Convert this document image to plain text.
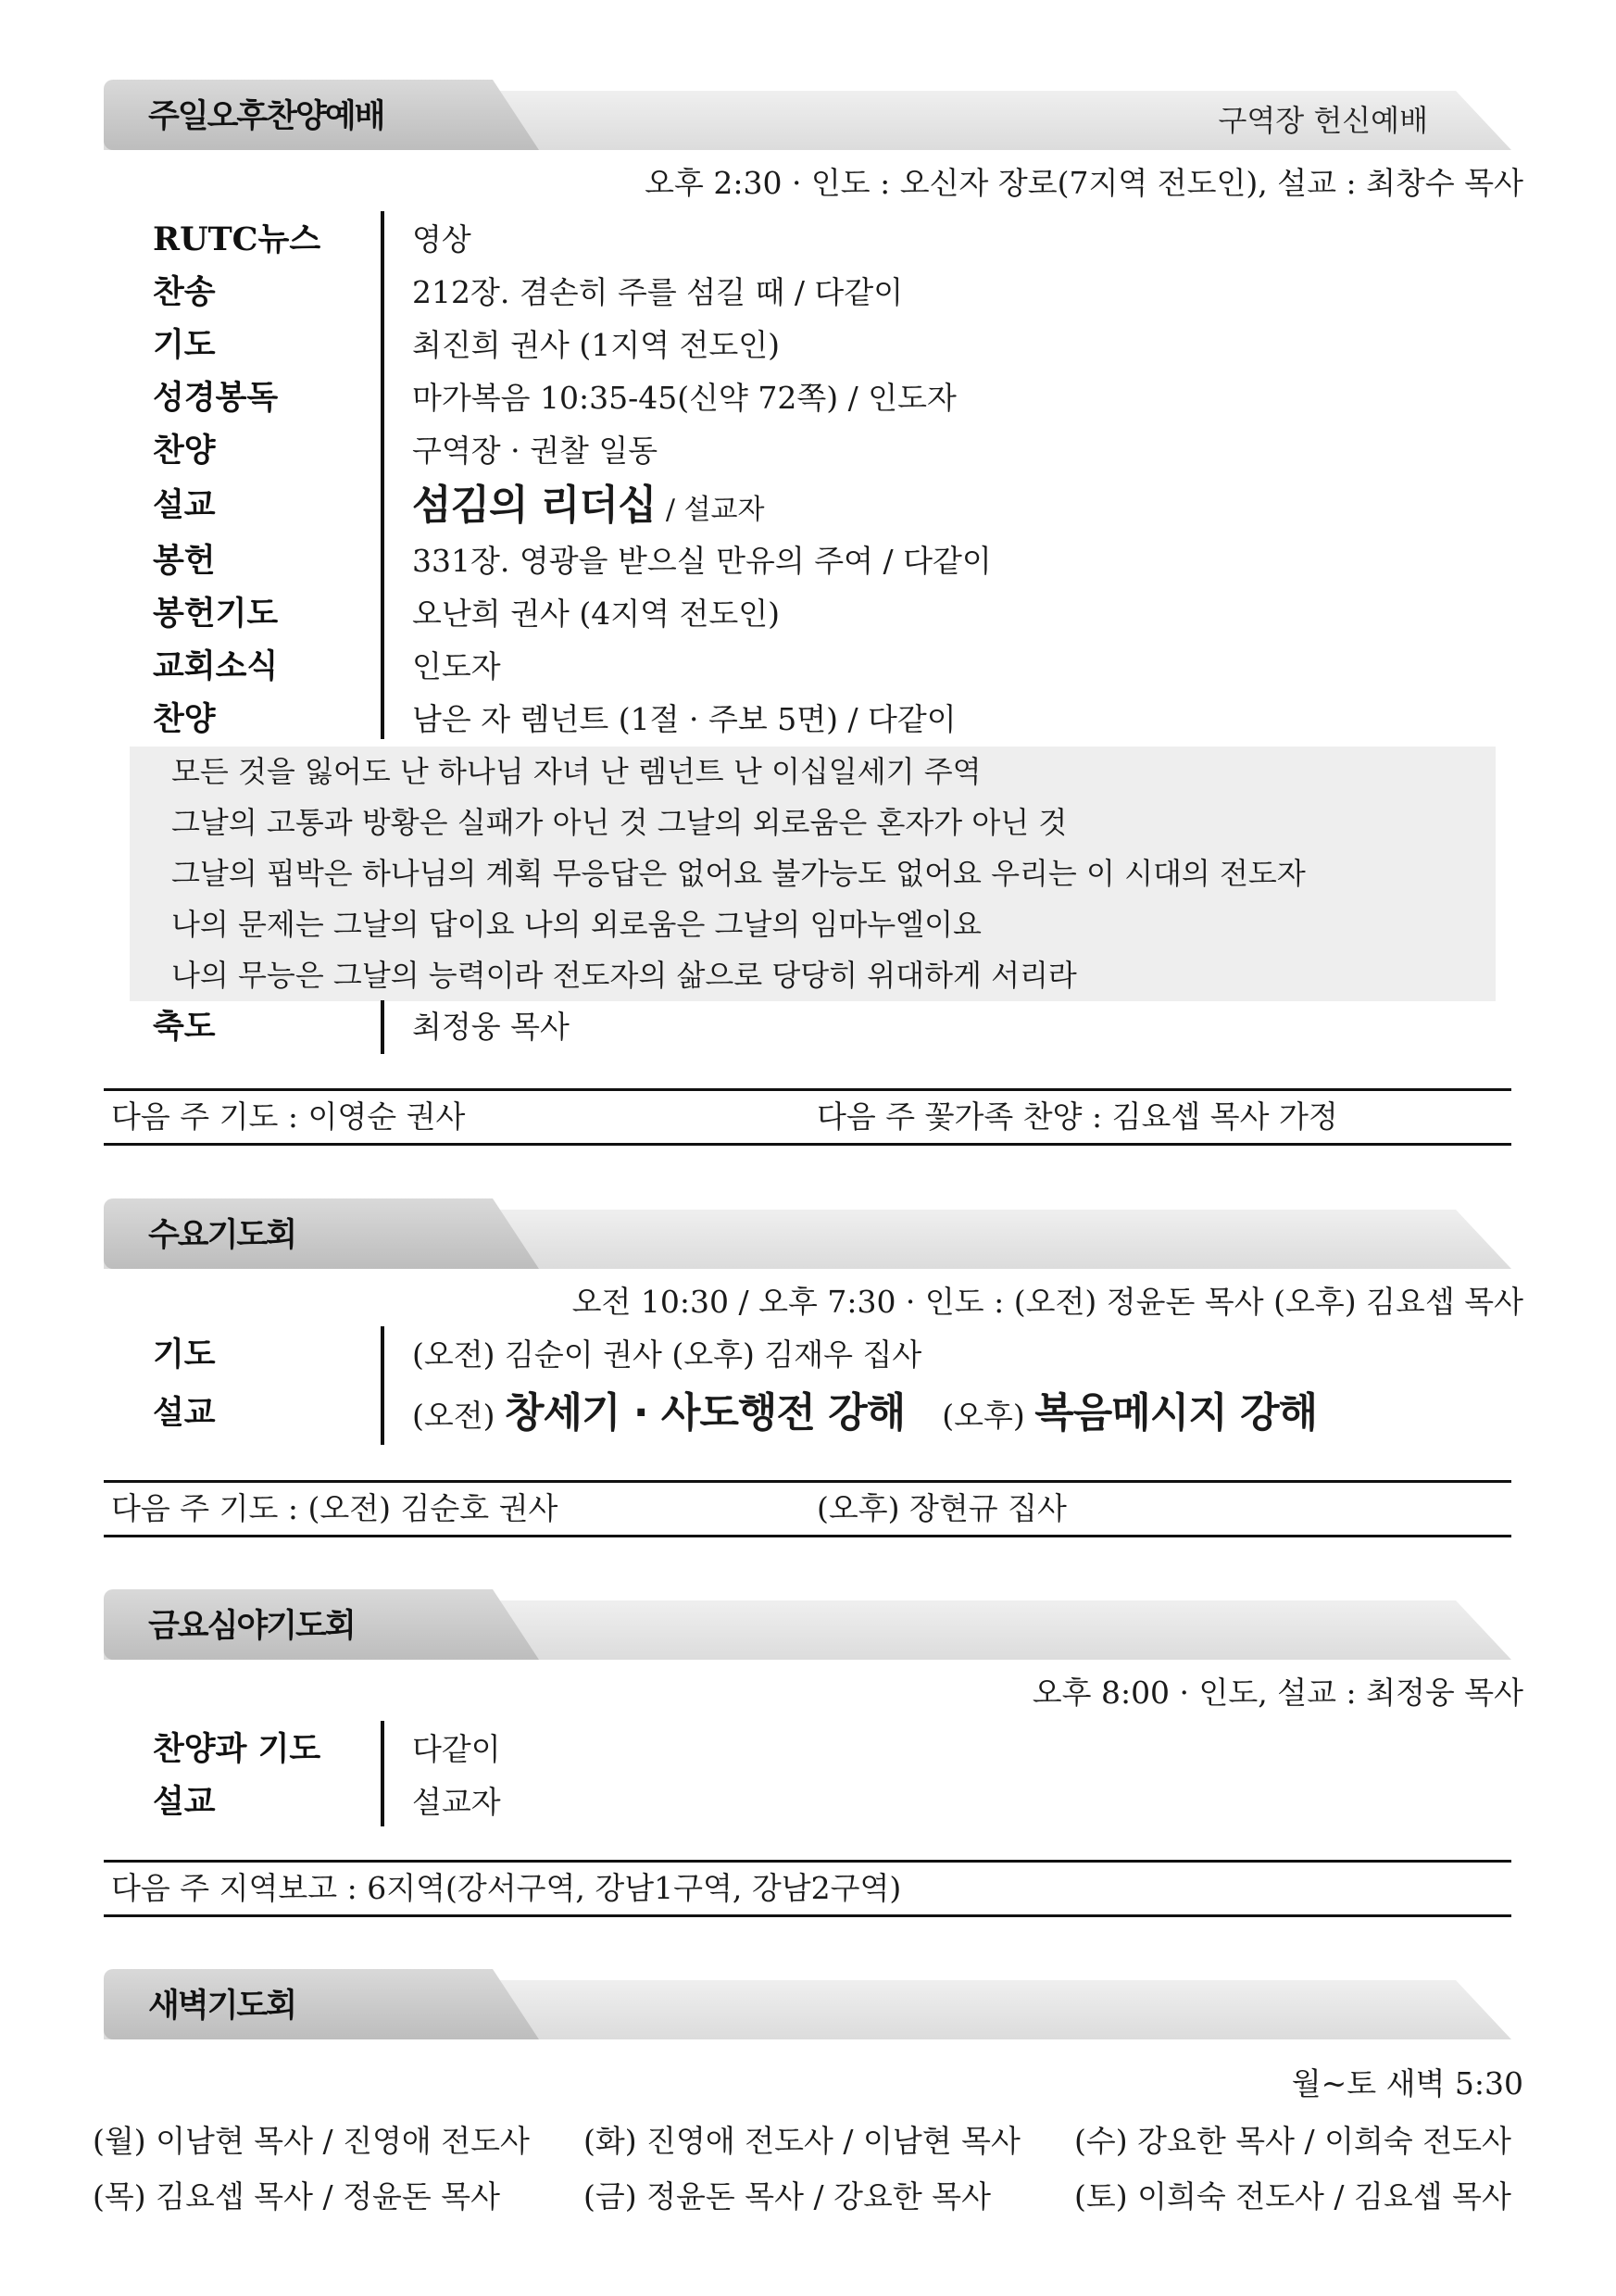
주일오후찬양예배	구역장 헌신예배
오후 2:30 · 인도 : 오신자 장로(7지역 전도인), 설교 : 최창수 목사
RUTC뉴스	영상
찬송	212장. 겸손히 주를 섬길 때 / 다같이
기도	최진희 권사 (1지역 전도인)
성경봉독	마가복음 10:35-45(신약 72쪽) / 인도자
찬양	구역장 · 권찰 일동
설교	섬김의 리더십 / 설교자
봉헌	331장. 영광을 받으실 만유의 주여 / 다같이
봉헌기도	오난희 권사 (4지역 전도인)
교회소식	인도자
찬양	남은 자 렘넌트 (1절 · 주보 5면) / 다같이
모든 것을 잃어도 난 하나님 자녀 난 렘넌트 난 이십일세기 주역
그날의 고통과 방황은 실패가 아닌 것 그날의 외로움은 혼자가 아닌 것
그날의 핍박은 하나님의 계획 무응답은 없어요 불가능도 없어요 우리는 이 시대의 전도자
나의 문제는 그날의 답이요 나의 외로움은 그날의 임마누엘이요
나의 무능은 그날의 능력이라 전도자의 삶으로 당당히 위대하게 서리라
축도	최정웅 목사
다음 주 기도 : 이영순 권사	다음 주 꽃가족 찬양 : 김요셉 목사 가정
수요기도회
오전 10:30 / 오후 7:30 · 인도 : (오전) 정윤돈 목사 (오후) 김요셉 목사
기도	(오전) 김순이 권사 (오후) 김재우 집사
설교	(오전) 창세기 · 사도행전 강해 (오후) 복음메시지 강해
다음 주 기도 : (오전) 김순호 권사	(오후) 장현규 집사
금요심야기도회
오후 8:00 · 인도, 설교 : 최정웅 목사
찬양과 기도	다같이
설교	설교자
다음 주 지역보고 : 6지역(강서구역, 강남1구역, 강남2구역)
새벽기도회
월~토 새벽 5:30
(월) 이남현 목사 / 진영애 전도사 (화) 진영애 전도사 / 이남현 목사 (수) 강요한 목사 / 이희숙 전도사
(목) 김요셉 목사 / 정윤돈 목사	(금) 정윤돈 목사 / 강요한 목사	(토) 이희숙 전도사 / 김요셉 목사
